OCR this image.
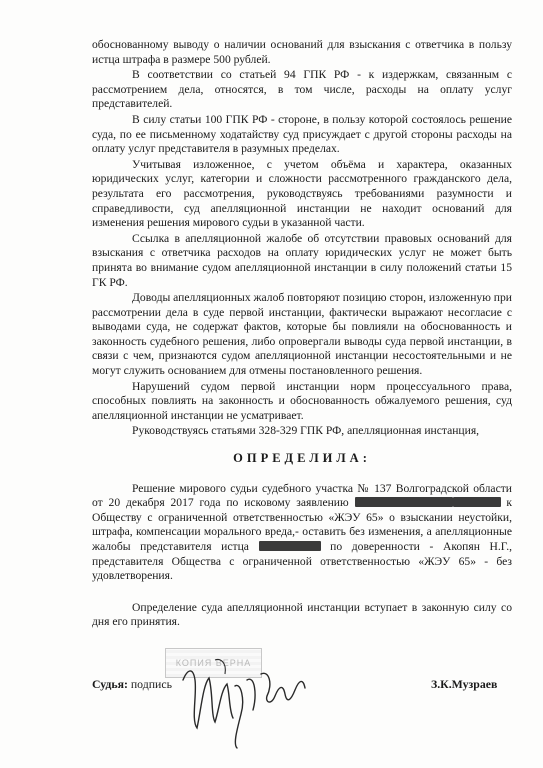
обоснованному выводу о наличии оснований для взыскания с ответчика в пользу истца штрафа в размере 500 рублей.

В соответствии со статьей 94 ГПК РФ - к издержкам, связанным с рассмотрением дела, относятся, в том числе, расходы на оплату услуг представителей.

В силу статьи 100 ГПК РФ - стороне, в пользу которой состоялось решение суда, по ее письменному ходатайству суд присуждает с другой стороны расходы на оплату услуг представителя в разумных пределах.

Учитывая изложенное, с учетом объёма и характера, оказанных юридических услуг, категории и сложности рассмотренного гражданского дела, результата его рассмотрения, руководствуясь требованиями разумности и справедливости, суд апелляционной инстанции не находит оснований для изменения решения мирового судьи в указанной части.

Ссылка в апелляционной жалобе об отсутствии правовых оснований для взыскания с ответчика расходов на оплату юридических услуг не может быть принята во внимание судом апелляционной инстанции в силу положений статьи 15 ГК РФ.

Доводы апелляционных жалоб повторяют позицию сторон, изложенную при рассмотрении дела в суде первой инстанции, фактически выражают несогласие с выводами суда, не содержат фактов, которые бы повлияли на обоснованность и законность судебного решения, либо опровергали выводы суда первой инстанции, в связи с чем, признаются судом апелляционной инстанции несостоятельными и не могут служить основанием для отмены постановленного решения.

Нарушений судом первой инстанции норм процессуального права, способных повлиять на законность и обоснованность обжалуемого решения, суд апелляционной инстанции не усматривает.

Руководствуясь статьями 328-329 ГПК РФ, апелляционная инстанция,

ОПРЕДЕЛИЛА:

Решение мирового судьи судебного участка № 137 Волгоградской области от 20 декабря 2017 года по исковому заявлению	к Обществу с ограниченной ответственностью «ЖЭУ 65» о взыскании неустойки, штрафа, компенсации морального вреда,- оставить без изменения, а апелляционные жалобы представителя истца	по доверенности - Акопян Н.Г., представителя Общества с ограниченной ответственностью «ЖЭУ 65» - без удовлетворения.

Определение суда апелляционной инстанции вступает в законную силу со дня его принятия.

КОПИЯ ВЕРНА
Судья: подпись	З.К.Музраев
